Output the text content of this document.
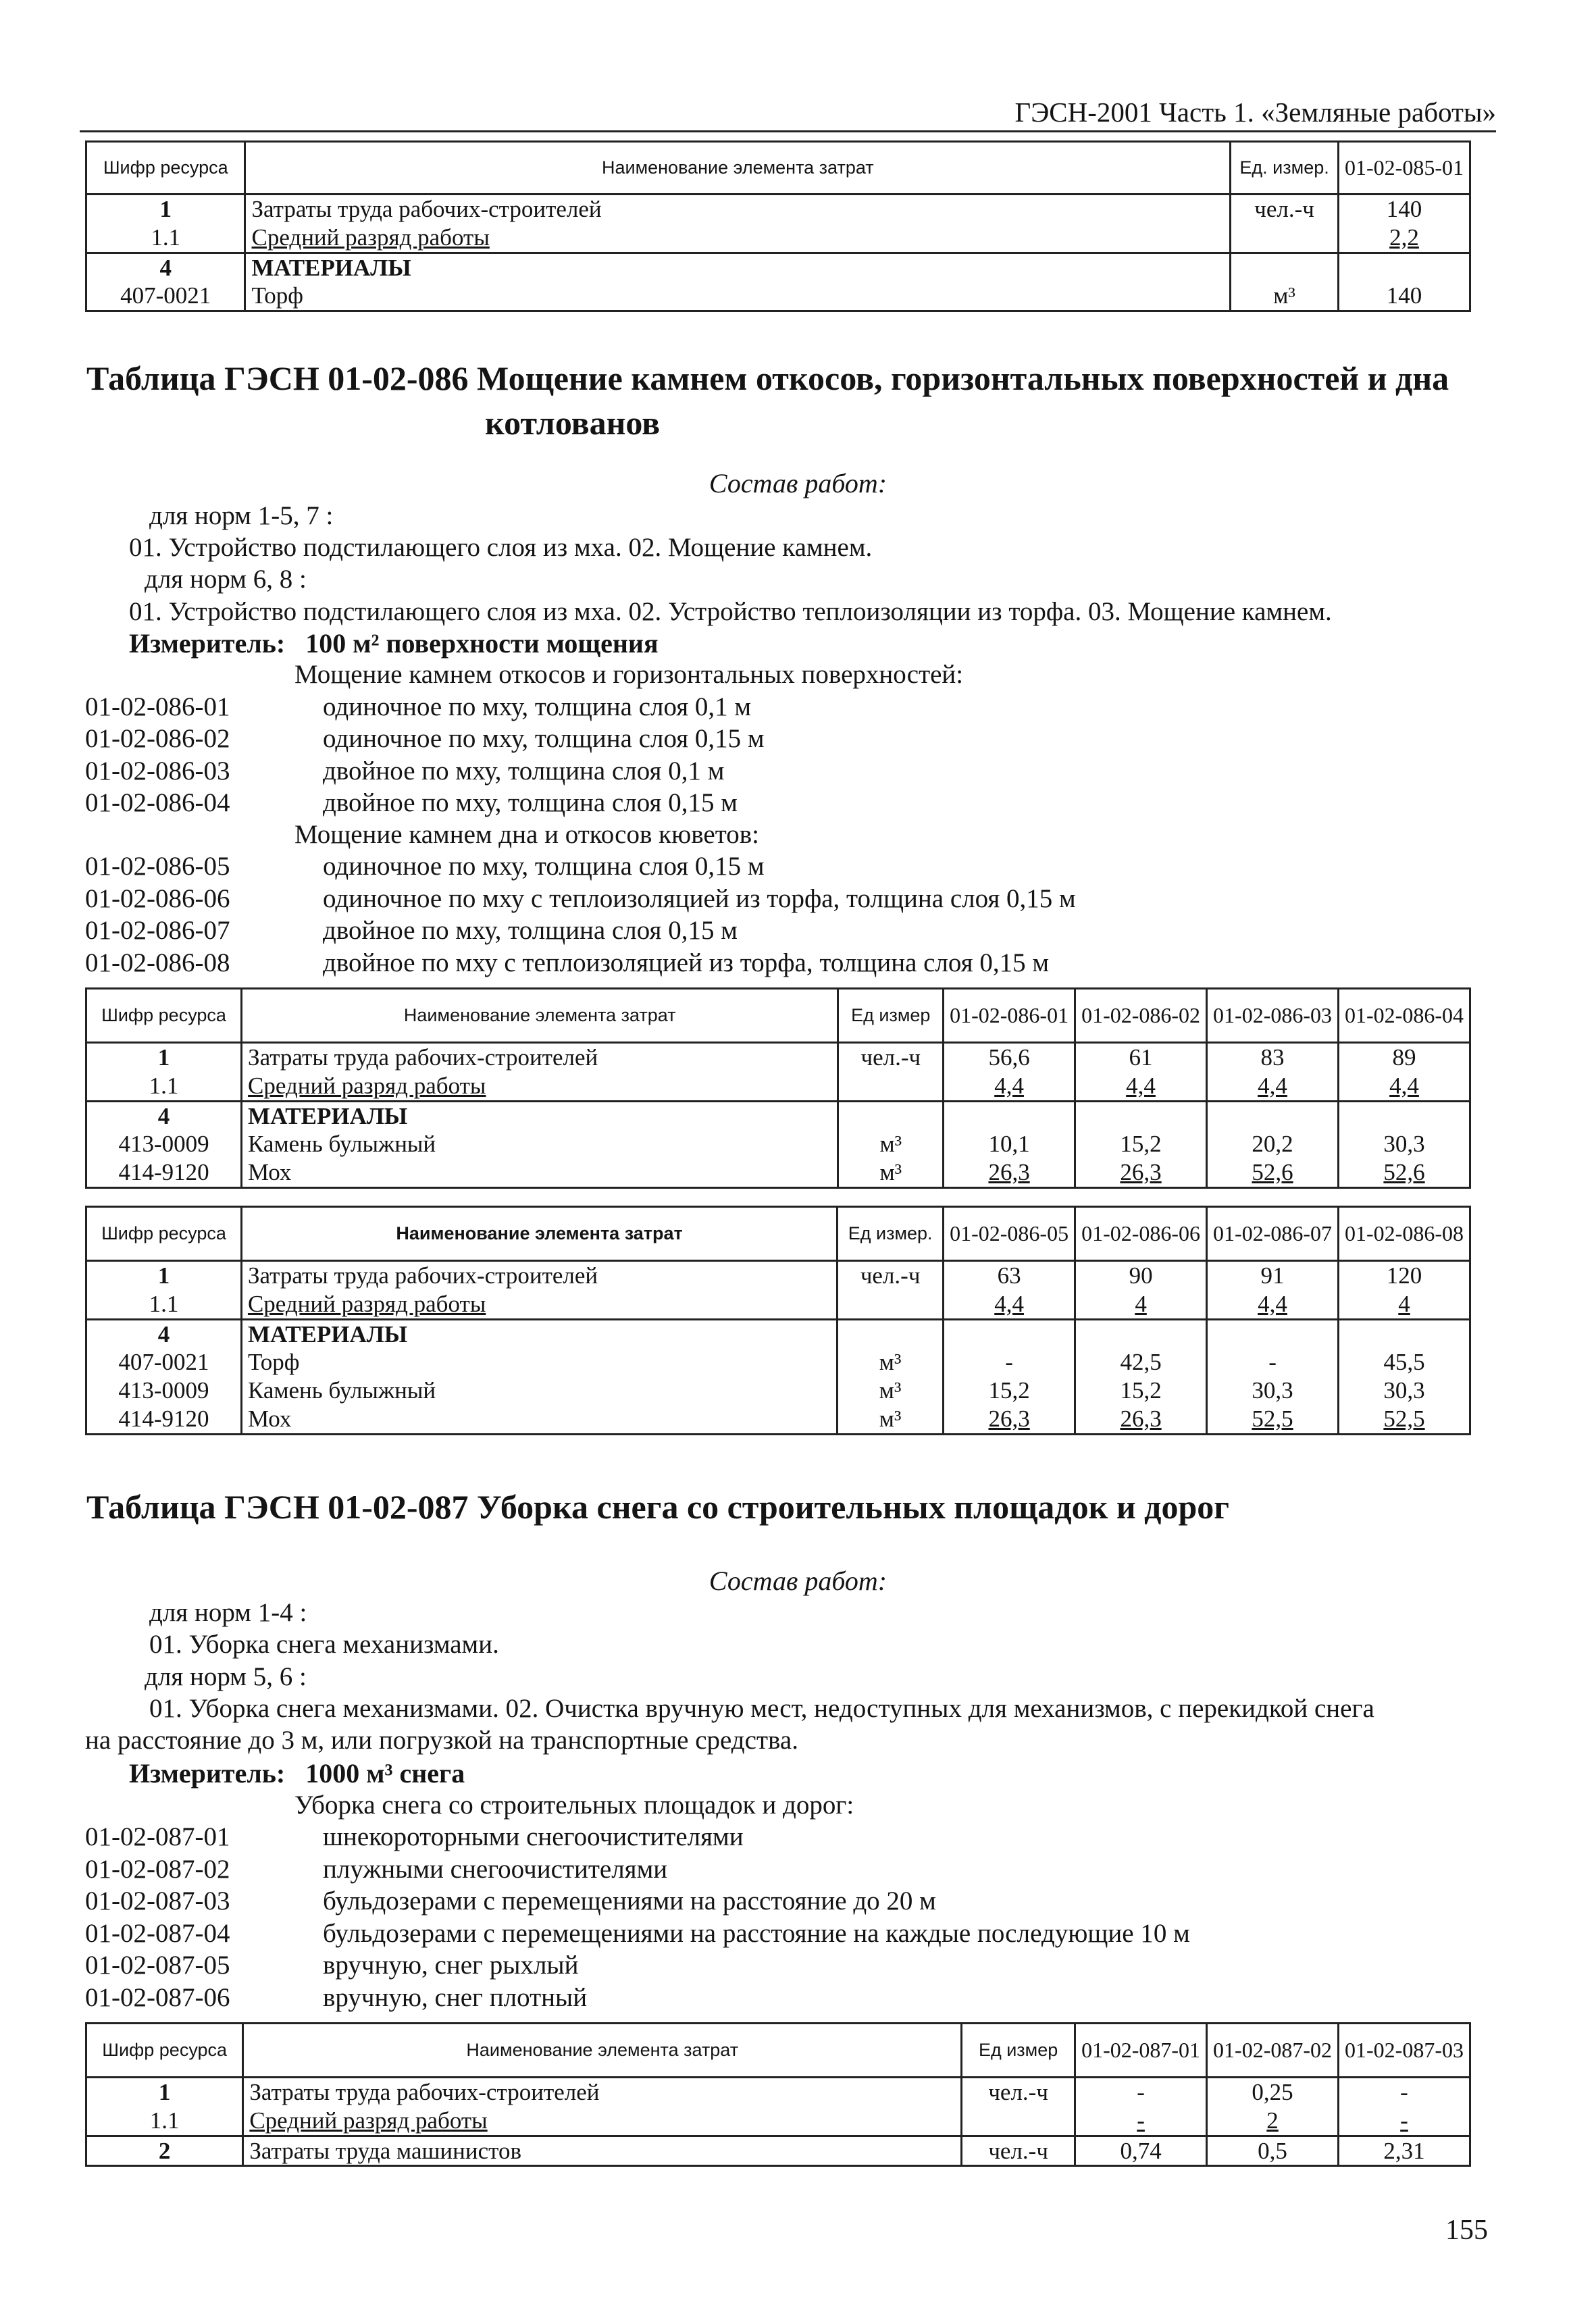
ГЭСН-2001 Часть 1. «Земляные работы»
Шифр ресурса	Наименование элемента затрат	Ед. измер.	01-02-085-01
1	Затраты труда рабочих-строителей	чел.-ч	140
1.1	Средний разряд работы		2,2
4	МАТЕРИАЛЫ		
407-0021	Торф	м³	140
Таблица ГЭСН 01-02-086 Мощение камнем откосов, горизонтальных поверхностей и дна
котлованов
Состав работ:
для норм 1-5, 7 :
01. Устройство подстилающего слоя из мха. 02. Мощение камнем.
для норм 6, 8 :
01. Устройство подстилающего слоя из мха. 02. Устройство теплоизоляции из торфа. 03. Мощение камнем.
Измеритель: 100 м² поверхности мощения
Мощение камнем откосов и горизонтальных поверхностей:
01-02-086-01	одиночное по мху, толщина слоя 0,1 м
01-02-086-02	одиночное по мху, толщина слоя 0,15 м
01-02-086-03	двойное по мху, толщина слоя 0,1 м
01-02-086-04	двойное по мху, толщина слоя 0,15 м
Мощение камнем дна и откосов кюветов:
01-02-086-05	одиночное по мху, толщина слоя 0,15 м
01-02-086-06	одиночное по мху с теплоизоляцией из торфа, толщина слоя 0,15 м
01-02-086-07	двойное по мху, толщина слоя 0,15 м
01-02-086-08	двойное по мху с теплоизоляцией из торфа, толщина слоя 0,15 м
Шифр ресурса	Наименование элемента затрат	Ед измер	01-02-086-01	01-02-086-02	01-02-086-03	01-02-086-04
1	Затраты труда рабочих-строителей	чел.-ч	56,6	61	83	89
1.1	Средний разряд работы		4,4	4,4	4,4	4,4
4	МАТЕРИАЛЫ					
413-0009	Камень булыжный	м³	10,1	15,2	20,2	30,3
414-9120	Мох	м³	26,3	26,3	52,6	52,6
Шифр ресурса	Наименование элемента затрат	Ед измер.	01-02-086-05	01-02-086-06	01-02-086-07	01-02-086-08
1	Затраты труда рабочих-строителей	чел.-ч	63	90	91	120
1.1	Средний разряд работы		4,4	4	4,4	4
4	МАТЕРИАЛЫ					
407-0021	Торф	м³	-	42,5	-	45,5
413-0009	Камень булыжный	м³	15,2	15,2	30,3	30,3
414-9120	Мох	м³	26,3	26,3	52,5	52,5
Таблица ГЭСН 01-02-087 Уборка снега со строительных площадок и дорог
Состав работ:
для норм 1-4 :
01. Уборка снега механизмами.
для норм 5, 6 :
01. Уборка снега механизмами. 02. Очистка вручную мест, недоступных для механизмов, с перекидкой снега
на расстояние до 3 м, или погрузкой на транспортные средства.
Измеритель: 1000 м³ снега
Уборка снега со строительных площадок и дорог:
01-02-087-01	шнекороторными снегоочистителями
01-02-087-02	плужными снегоочистителями
01-02-087-03	бульдозерами с перемещениями на расстояние до 20 м
01-02-087-04	бульдозерами с перемещениями на расстояние на каждые последующие 10 м
01-02-087-05	вручную, снег рыхлый
01-02-087-06	вручную, снег плотный
Шифр ресурса	Наименование элемента затрат	Ед измер	01-02-087-01	01-02-087-02	01-02-087-03
1	Затраты труда рабочих-строителей	чел.-ч	-	0,25	-
1.1	Средний разряд работы		-	2	-
2	Затраты труда машинистов	чел.-ч	0,74	0,5	2,31
155
